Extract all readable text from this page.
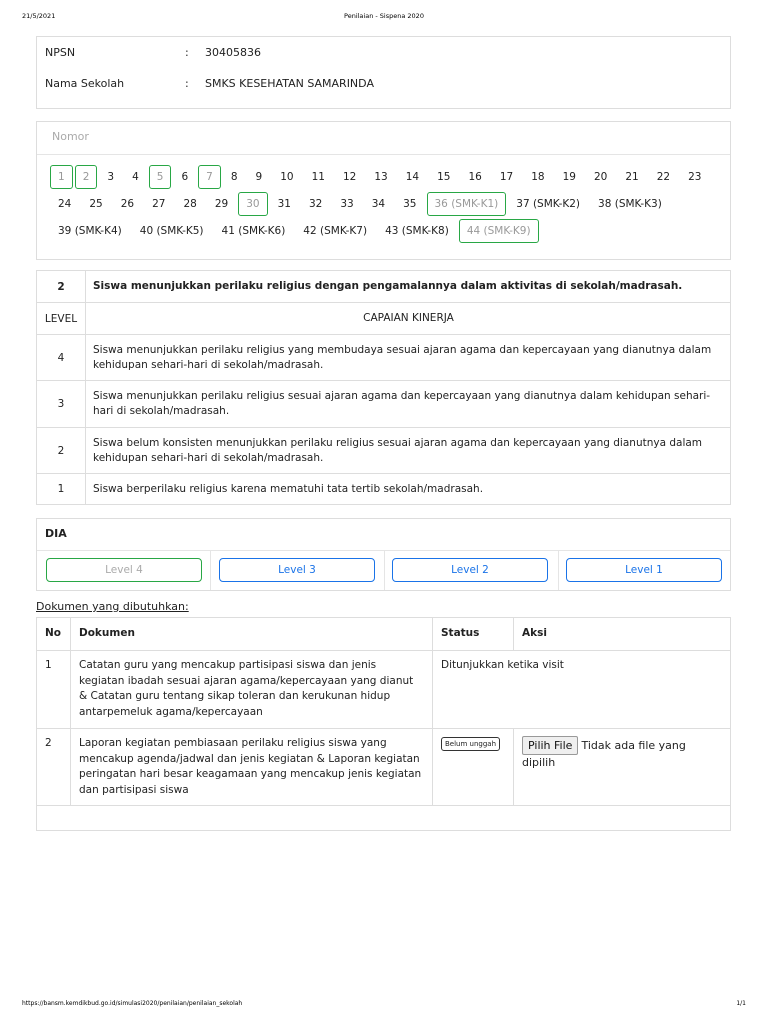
21/5/2021	Penilaian - Sispena 2020
NPSN	: 30405836
Nama Sekolah	: SMKS KESEHATAN SAMARINDA
Nomor
1	2	3	4	5	6	7	8	9	10	11	12	13	14	15	16	17	18	19	20	21	22	23
24	25	26	27	28	29	30	31	32	33	34	35	36 (SMK-K1)	37 (SMK-K2)	38 (SMK-K3)
39 (SMK-K4)	40 (SMK-K5)	41 (SMK-K6)	42 (SMK-K7)	43 (SMK-K8)	44 (SMK-K9)
2	Siswa menunjukkan perilaku religius dengan pengamalannya dalam aktivitas di sekolah/madrasah.
LEVEL	CAPAIAN KINERJA
4	Siswa menunjukkan perilaku religius yang membudaya sesuai ajaran agama dan kepercayaan yang dianutnya dalam kehidupan sehari-hari di sekolah/madrasah.
3	Siswa menunjukkan perilaku religius sesuai ajaran agama dan kepercayaan yang dianutnya dalam kehidupan sehari-hari di sekolah/madrasah.
2	Siswa belum konsisten menunjukkan perilaku religius sesuai ajaran agama dan kepercayaan yang dianutnya dalam kehidupan sehari-hari di sekolah/madrasah.
1	Siswa berperilaku religius karena mematuhi tata tertib sekolah/madrasah.
DIA
Level 4	Level 3	Level 2	Level 1
Dokumen yang dibutuhkan:
No	Dokumen	Status	Aksi
1	Catatan guru yang mencakup partisipasi siswa dan jenis kegiatan ibadah sesuai ajaran agama/kepercayaan yang dianut & Catatan guru tentang sikap toleran dan kerukunan hidup antarpemeluk agama/kepercayaan	Ditunjukkan ketika visit	
2	Laporan kegiatan pembiasaan perilaku religius siswa yang mencakup agenda/jadwal dan jenis kegiatan & Laporan kegiatan peringatan hari besar keagamaan yang mencakup jenis kegiatan dan partisipasi siswa	Belum unggah	Pilih File Tidak ada file yang dipilih

https://bansm.kemdikbud.go.id/simulasi2020/penilaian/penilaian_sekolah	1/1
